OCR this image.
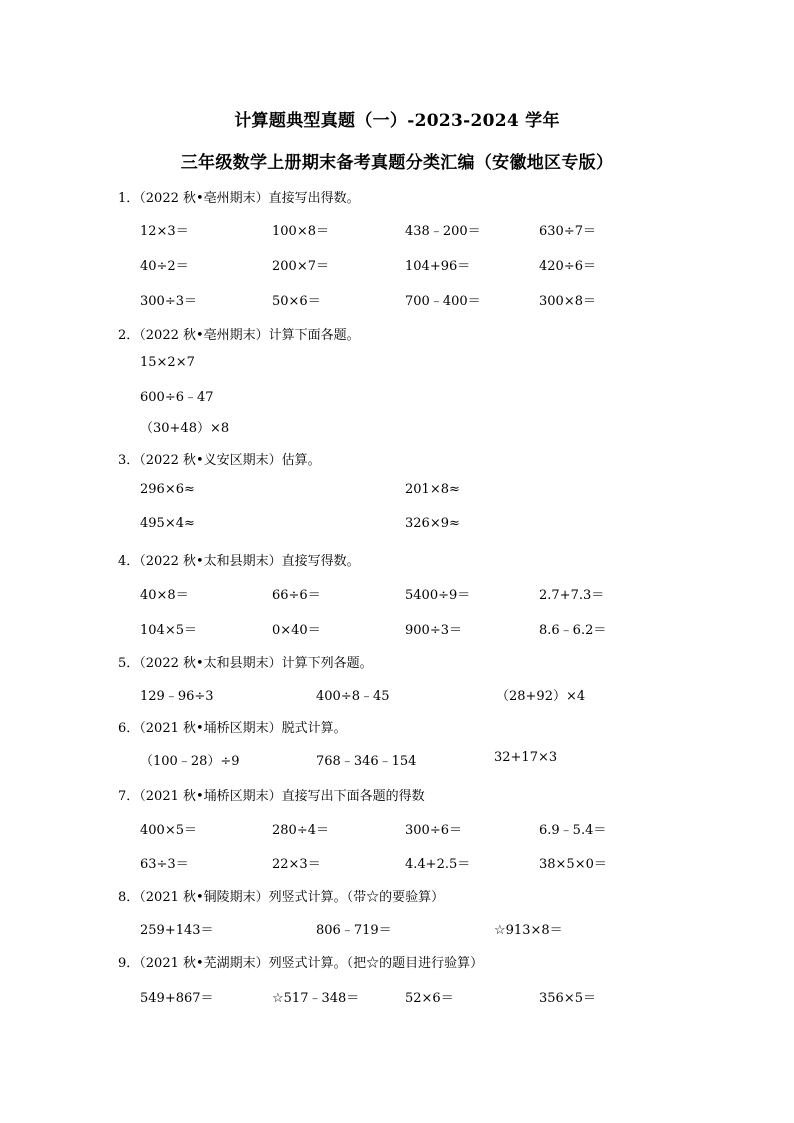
计算题典型真题（一）-2023-2024 学年
三年级数学上册期末备考真题分类汇编（安徽地区专版）
1．（2022 秋•亳州期末）直接写出得数。
12×3＝	100×8＝	438﹣200＝	630÷7＝
40÷2＝	200×7＝	104+96＝	420÷6＝
300÷3＝	50×6＝	700﹣400＝	300×8＝
2．（2022 秋•亳州期末）计算下面各题。
15×2×7
600÷6﹣47
（30+48）×8
3．（2022 秋•义安区期末）估算。
296×6≈	201×8≈
495×4≈	326×9≈
4．（2022 秋•太和县期末）直接写得数。
40×8＝	66÷6＝	5400÷9＝	2.7+7.3＝
104×5＝	0×40＝	900÷3＝	8.6﹣6.2＝
5．（2022 秋•太和县期末）计算下列各题。
129﹣96÷3	400÷8﹣45	（28+92）×4
6．（2021 秋•埇桥区期末）脱式计算。
（100﹣28）÷9	768﹣346﹣154	32+17×3
7．（2021 秋•埇桥区期末）直接写出下面各题的得数
400×5＝	280÷4＝	300÷6＝	6.9﹣5.4＝
63÷3＝	22×3＝	4.4+2.5＝	38×5×0＝
8．（2021 秋•铜陵期末）列竖式计算。（带☆的要验算）
259+143＝	806﹣719＝	☆913×8＝
9．（2021 秋•芜湖期末）列竖式计算。（把☆的题目进行验算）
549+867＝	☆517﹣348＝	52×6＝	356×5＝
